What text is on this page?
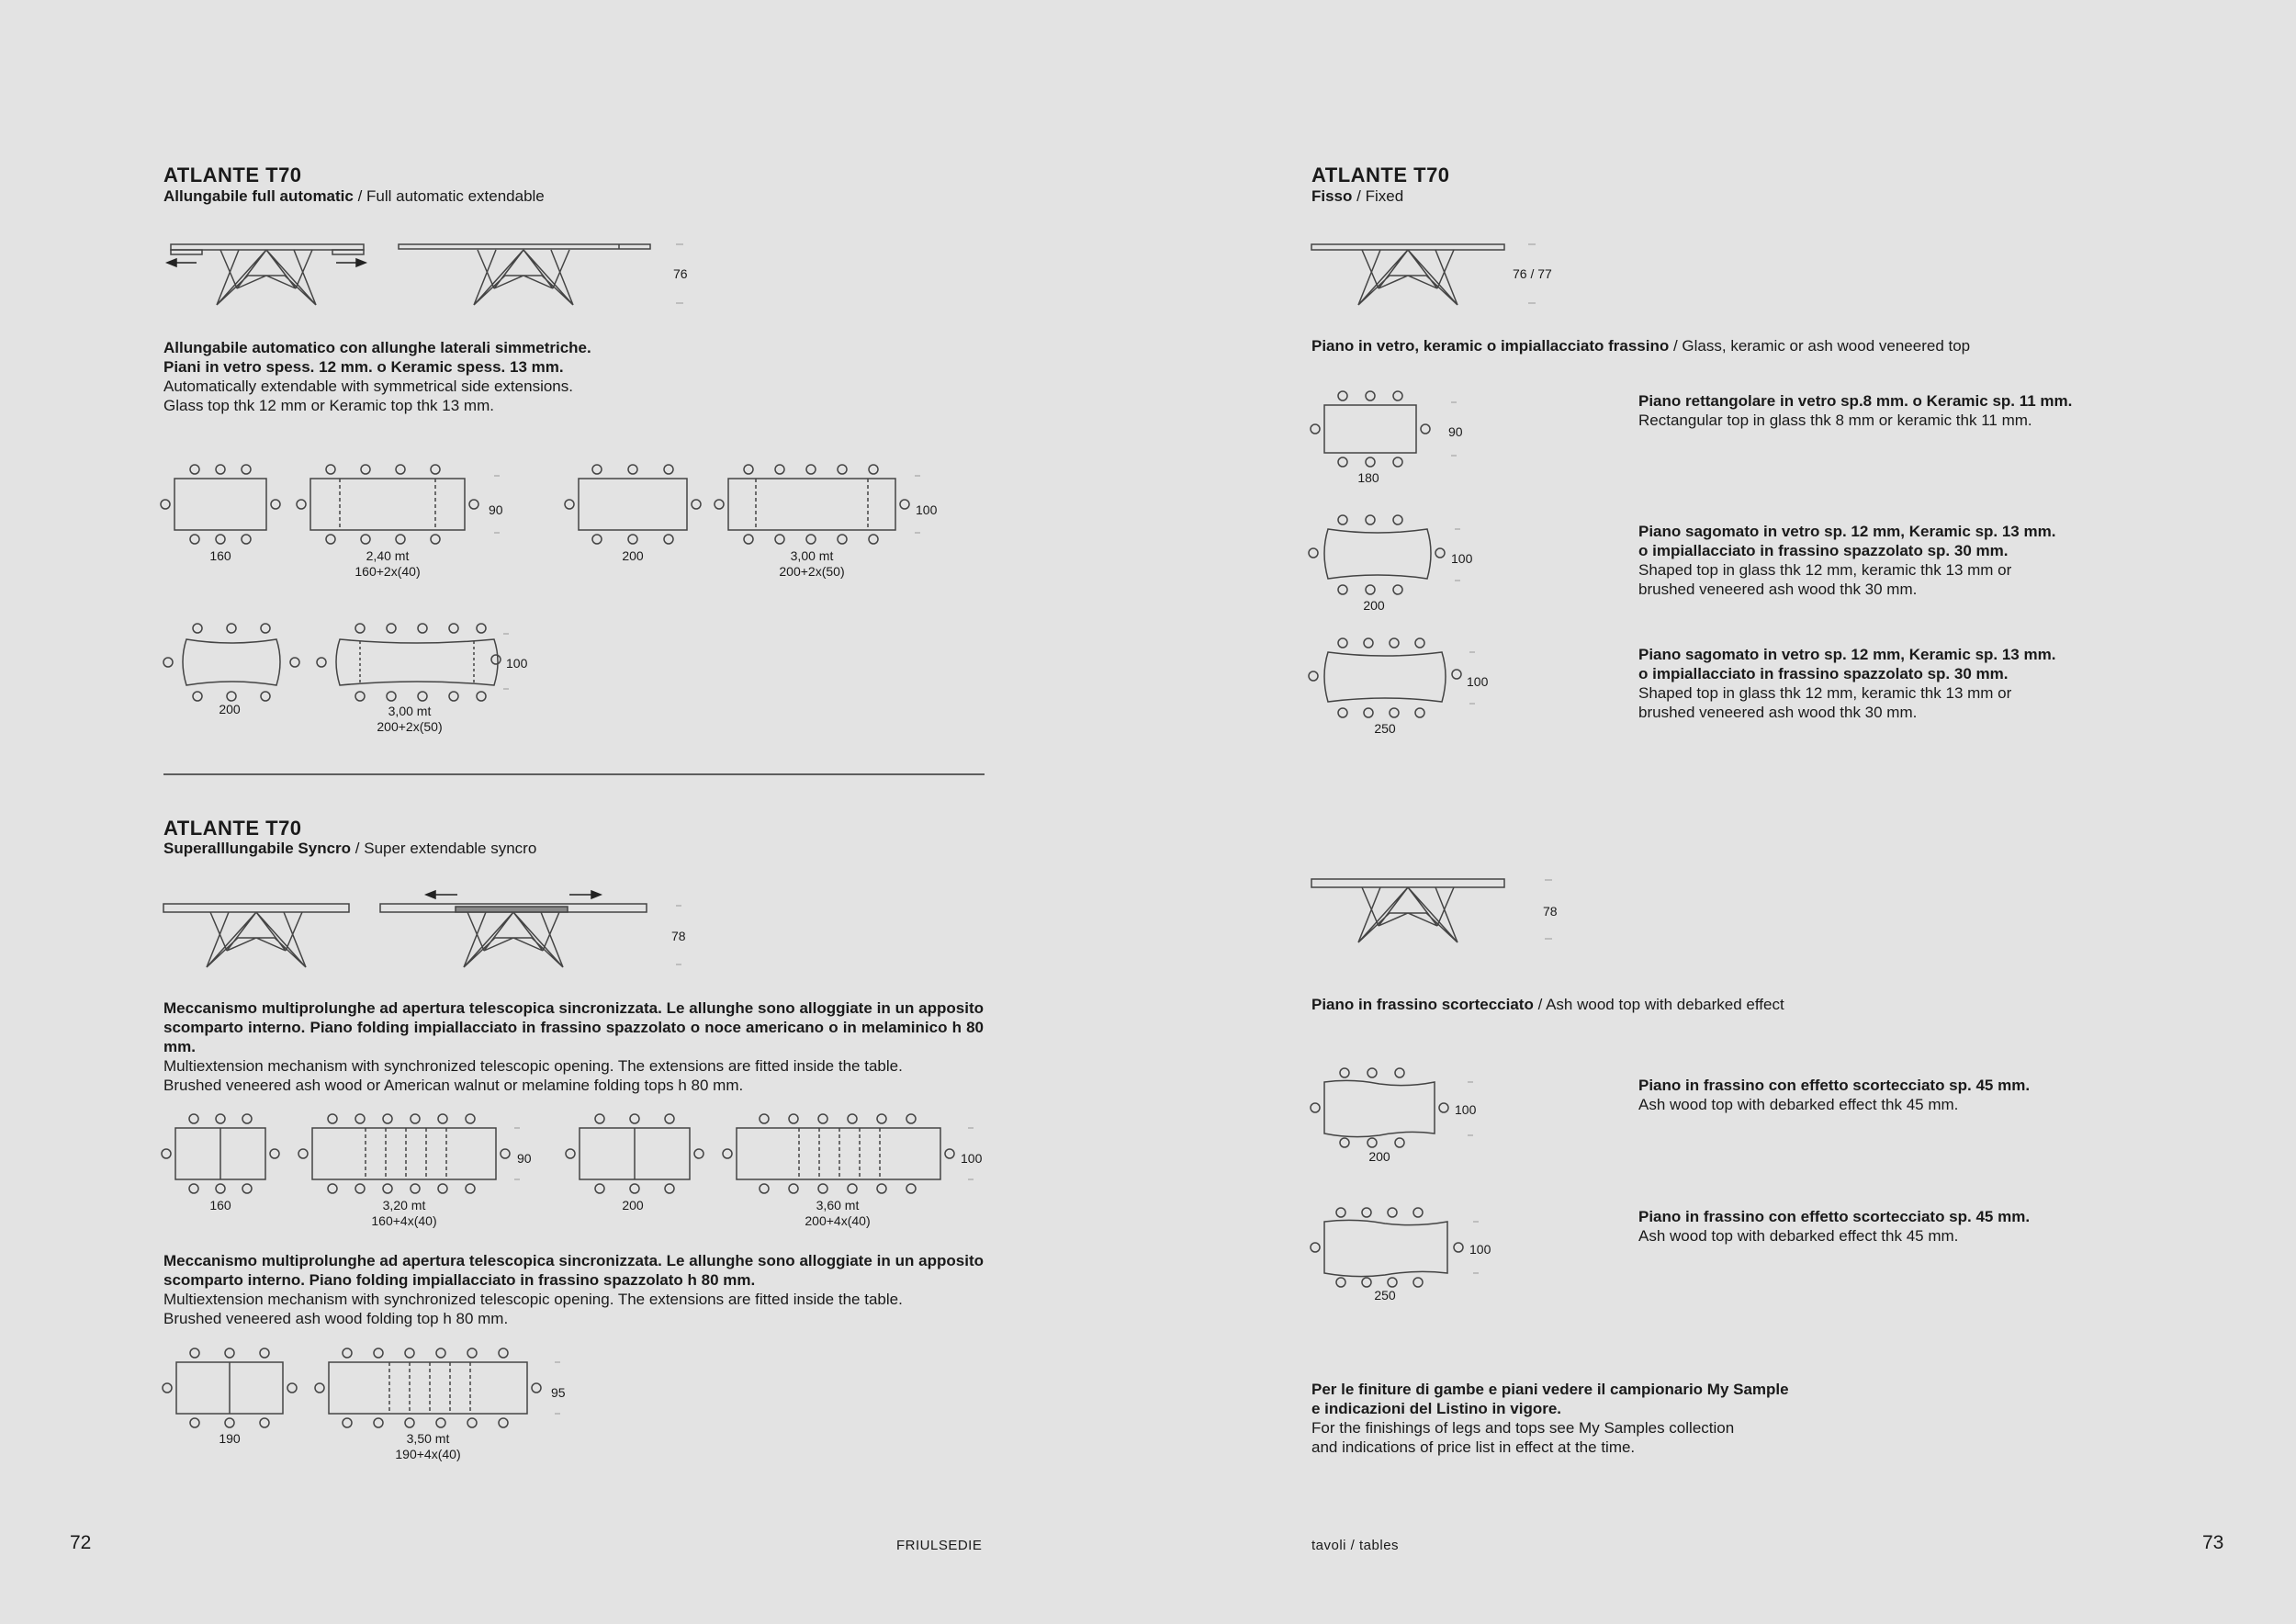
ATLANTE T70
Allungabile full automatic / Full automatic extendable
76
Allungabile automatico con allunghe laterali simmetriche.
Piani in vetro spess. 12 mm. o Keramic spess. 13 mm.
Automatically extendable with symmetrical side extensions.
Glass top thk 12 mm or Keramic top thk 13 mm.
160	2,40 mt
160+2x(40)
90
200	3,00 mt
200+2x(50)
100
200	3,00 mt
200+2x(50)
100
ATLANTE T70
Superalllungabile Syncro / Super extendable syncro
78
Meccanismo multiprolunghe ad apertura telescopica sincronizzata. Le allunghe sono alloggiate in un apposito scomparto interno. Piano folding impiallacciato in frassino spazzolato o noce americano o in melaminico h 80 mm.
Multiextension mechanism with synchronized telescopic opening. The extensions are fitted inside the table.
Brushed veneered ash wood or American walnut or melamine folding tops h 80 mm.
160	3,20 mt
160+4x(40)
90
200	3,60 mt
200+4x(40)
100
Meccanismo multiprolunghe ad apertura telescopica sincronizzata. Le allunghe sono alloggiate in un apposito scomparto interno. Piano folding impiallacciato in frassino spazzolato h 80 mm.
Multiextension mechanism with synchronized telescopic opening. The extensions are fitted inside the table.
Brushed veneered ash wood folding top h 80 mm.
190	3,50 mt
190+4x(40)
95
72	FRIULSEDIE
ATLANTE T70
Fisso / Fixed
76 / 77
Piano in vetro, keramic o impiallacciato frassino / Glass, keramic or ash wood veneered top
180
90
Piano rettangolare in vetro sp.8 mm. o Keramic sp. 11 mm.
Rectangular top in glass thk 8 mm or keramic thk 11 mm.
200
100
Piano sagomato in vetro sp. 12 mm, Keramic sp. 13 mm.
o impiallacciato in frassino spazzolato sp. 30 mm.
Shaped top in glass thk 12 mm, keramic thk 13 mm or
brushed veneered ash wood thk 30 mm.
250
100
Piano sagomato in vetro sp. 12 mm, Keramic sp. 13 mm.
o impiallacciato in frassino spazzolato sp. 30 mm.
Shaped top in glass thk 12 mm, keramic thk 13 mm or
brushed veneered ash wood thk 30 mm.
78
Piano in frassino scortecciato / Ash wood top with debarked effect
200
100
Piano in frassino con effetto scortecciato sp. 45 mm.
Ash wood top with debarked effect thk 45 mm.
250
100
Piano in frassino con effetto scortecciato sp. 45 mm.
Ash wood top with debarked effect thk 45 mm.
Per le finiture di gambe e piani vedere il campionario My Sample
e indicazioni del Listino in vigore.
For the finishings of legs and tops see My Samples collection
and indications of price list in effect at the time.
tavoli / tables	73
